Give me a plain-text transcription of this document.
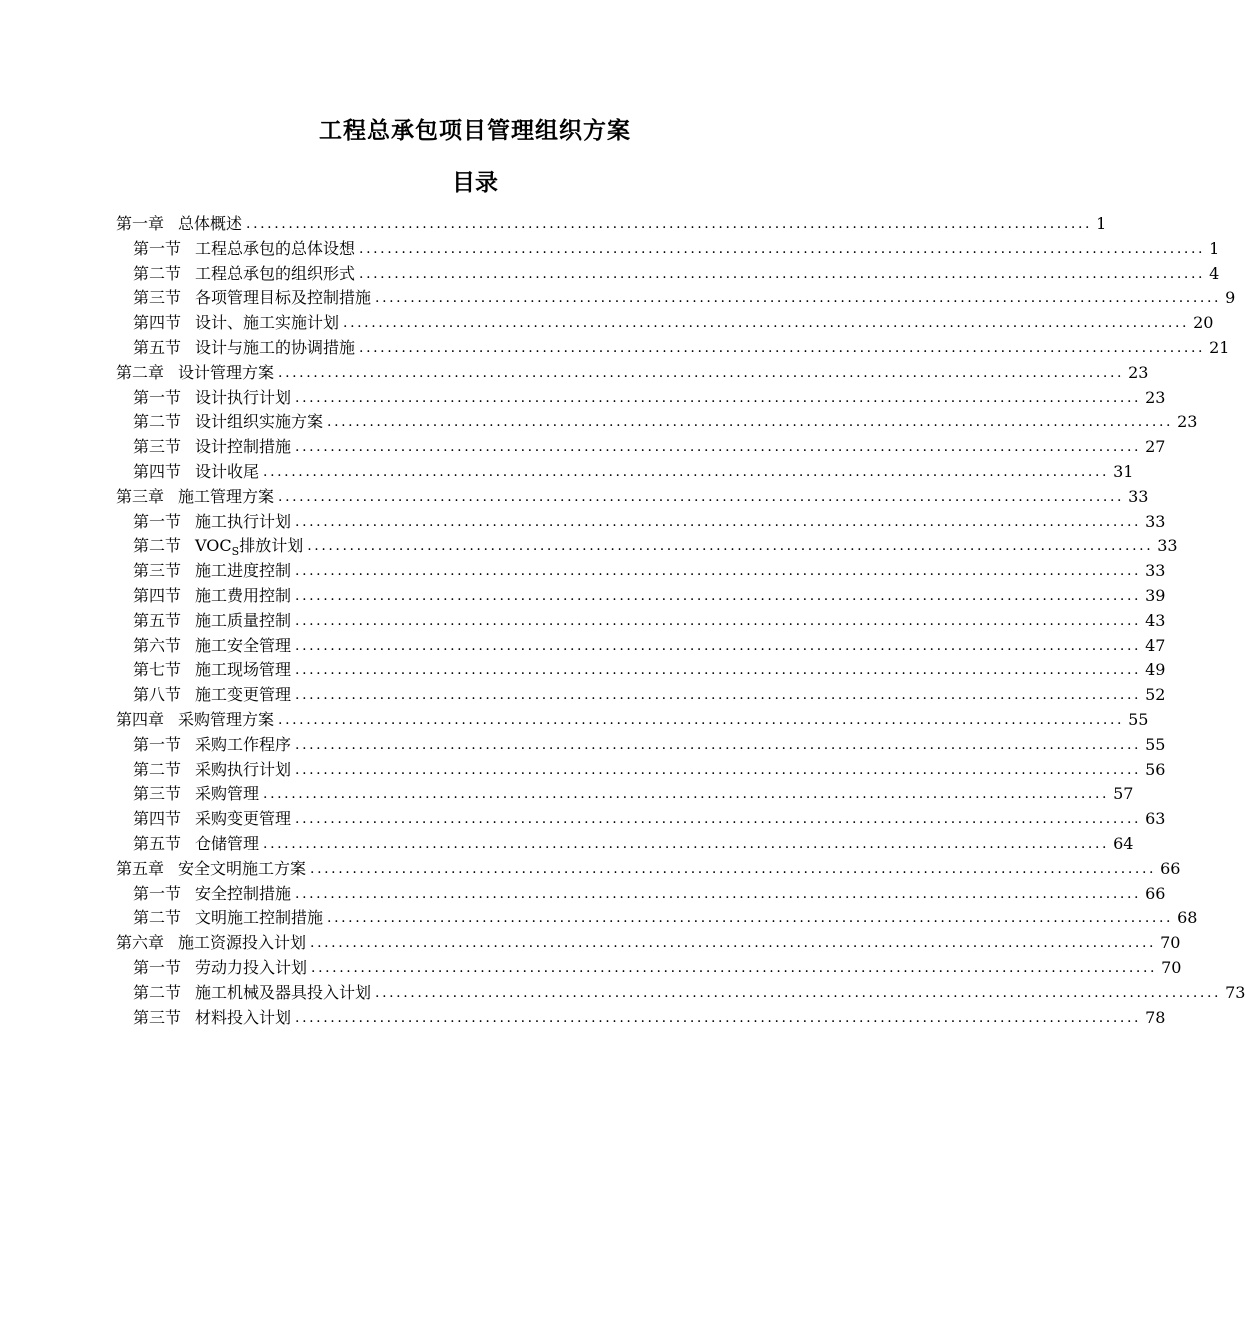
工程总承包项目管理组织方案
目录
第一章 总体概述 ........................................................................................................................ 1
第一节 工程总承包的总体设想 ........................................................................................................................ 1
第二节 工程总承包的组织形式 ........................................................................................................................ 4
第三节 各项管理目标及控制措施 ........................................................................................................................ 9
第四节 设计、施工实施计划 ........................................................................................................................ 20
第五节 设计与施工的协调措施 ........................................................................................................................ 21
第二章 设计管理方案 ........................................................................................................................ 23
第一节 设计执行计划 ........................................................................................................................ 23
第二节 设计组织实施方案 ........................................................................................................................ 23
第三节 设计控制措施 ........................................................................................................................ 27
第四节 设计收尾 ........................................................................................................................ 31
第三章 施工管理方案 ........................................................................................................................ 33
第一节 施工执行计划 ........................................................................................................................ 33
第二节 $VOC_S$排放计划 ........................................................................................................................ 33
第三节 施工进度控制 ........................................................................................................................ 33
第四节 施工费用控制 ........................................................................................................................ 39
第五节 施工质量控制 ........................................................................................................................ 43
第六节 施工安全管理 ........................................................................................................................ 47
第七节 施工现场管理 ........................................................................................................................ 49
第八节 施工变更管理 ........................................................................................................................ 52
第四章 采购管理方案 ........................................................................................................................ 55
第一节 采购工作程序 ........................................................................................................................ 55
第二节 采购执行计划 ........................................................................................................................ 56
第三节 采购管理 ........................................................................................................................ 57
第四节 采购变更管理 ........................................................................................................................ 63
第五节 仓储管理 ........................................................................................................................ 64
第五章 安全文明施工方案 ........................................................................................................................ 66
第一节 安全控制措施 ........................................................................................................................ 66
第二节 文明施工控制措施 ........................................................................................................................ 68
第六章 施工资源投入计划 ........................................................................................................................ 70
第一节 劳动力投入计划 ........................................................................................................................ 70
第二节 施工机械及器具投入计划 ........................................................................................................................ 73
第三节 材料投入计划 ........................................................................................................................ 78
